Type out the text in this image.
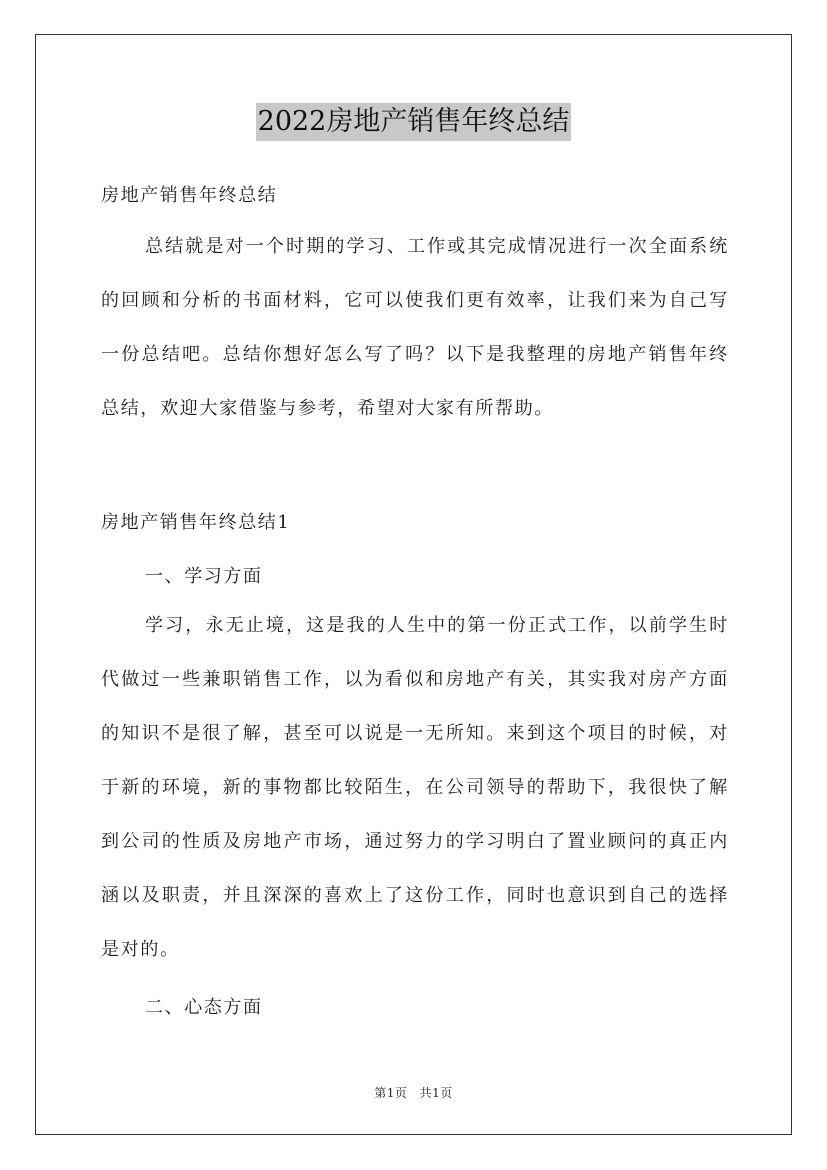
2022房地产销售年终总结
房地产销售年终总结
总结就是对一个时期的学习、工作或其完成情况进行一次全面系统的回顾和分析的书面材料，它可以使我们更有效率，让我们来为自己写一份总结吧。总结你想好怎么写了吗？以下是我整理的房地产销售年终总结，欢迎大家借鉴与参考，希望对大家有所帮助。
房地产销售年终总结1
一、学习方面
学习，永无止境，这是我的人生中的第一份正式工作，以前学生时代做过一些兼职销售工作，以为看似和房地产有关，其实我对房产方面的知识不是很了解，甚至可以说是一无所知。来到这个项目的时候，对于新的环境，新的事物都比较陌生，在公司领导的帮助下，我很快了解到公司的性质及房地产市场，通过努力的学习明白了置业顾问的真正内涵以及职责，并且深深的喜欢上了这份工作，同时也意识到自己的选择是对的。
二、心态方面
第1页 共1页
